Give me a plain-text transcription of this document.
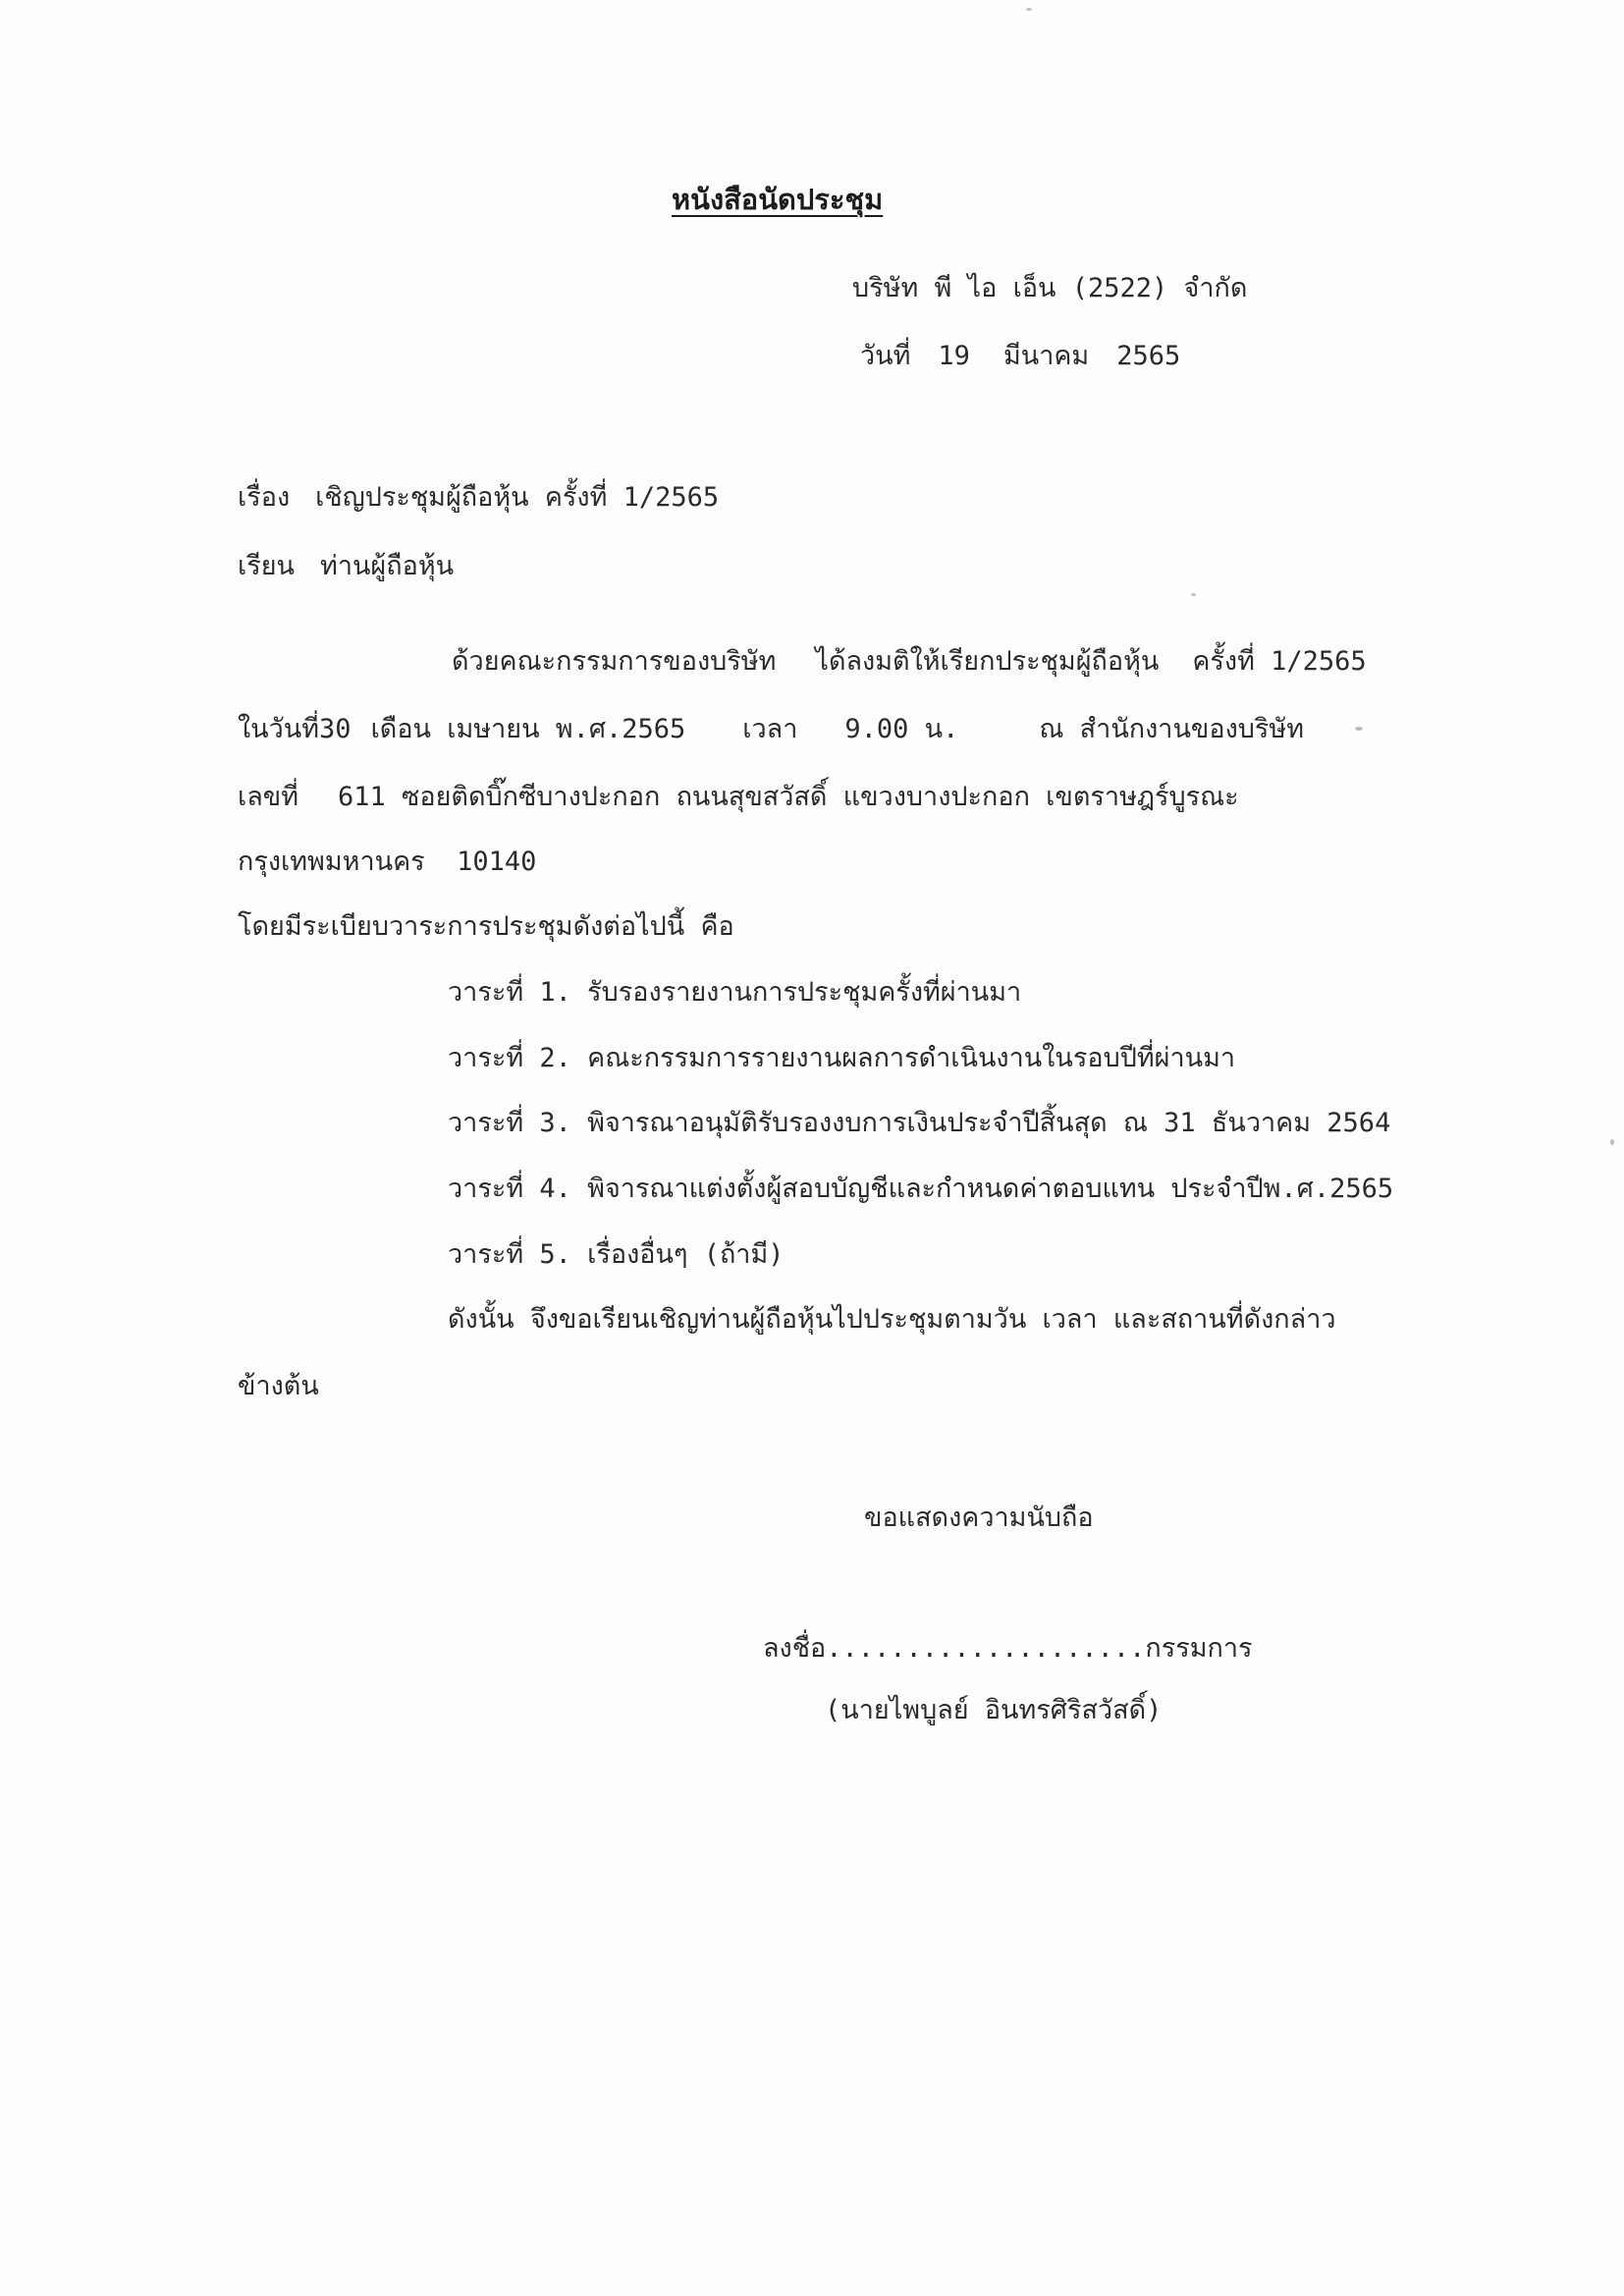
หนังสือนัดประชุม
บริษัท พี ไอ เอ็น (2522) จำกัด
วันที่ 19 มีนาคม 2565
เรื่อง เชิญประชุมผู้ถือหุ้น ครั้งที่ 1/2565
เรียน ท่านผู้ถือหุ้น
ด้วยคณะกรรมการของบริษัท ได้ลงมติให้เรียกประชุมผู้ถือหุ้น ครั้งที่ 1/2565
ในวันที่30 เดือน เมษายน พ.ศ.2565 เวลา 9.00 น.	ณ สำนักงานของบริษัท
เลขที่ 611 ซอยติดบิ๊กซีบางปะกอก ถนนสุขสวัสดิ์ แขวงบางปะกอก เขตราษฎร์บูรณะ
กรุงเทพมหานคร  10140
โดยมีระเบียบวาระการประชุมดังต่อไปนี้ คือ
วาระที่ 1. รับรองรายงานการประชุมครั้งที่ผ่านมา
วาระที่ 2. คณะกรรมการรายงานผลการดำเนินงานในรอบปีที่ผ่านมา
วาระที่ 3. พิจารณาอนุมัติรับรองงบการเงินประจำปีสิ้นสุด ณ 31 ธันวาคม 2564
วาระที่ 4. พิจารณาแต่งตั้งผู้สอบบัญชีและกำหนดค่าตอบแทน ประจำปีพ.ศ.2565
วาระที่ 5. เรื่องอื่นๆ (ถ้ามี)
ดังนั้น จึงขอเรียนเชิญท่านผู้ถือหุ้นไปประชุมตามวัน เวลา และสถานที่ดังกล่าว
ข้างต้น
ขอแสดงความนับถือ
ลงชื่อ....................กรรมการ
(นายไพบูลย์ อินทรศิริสวัสดิ์)
